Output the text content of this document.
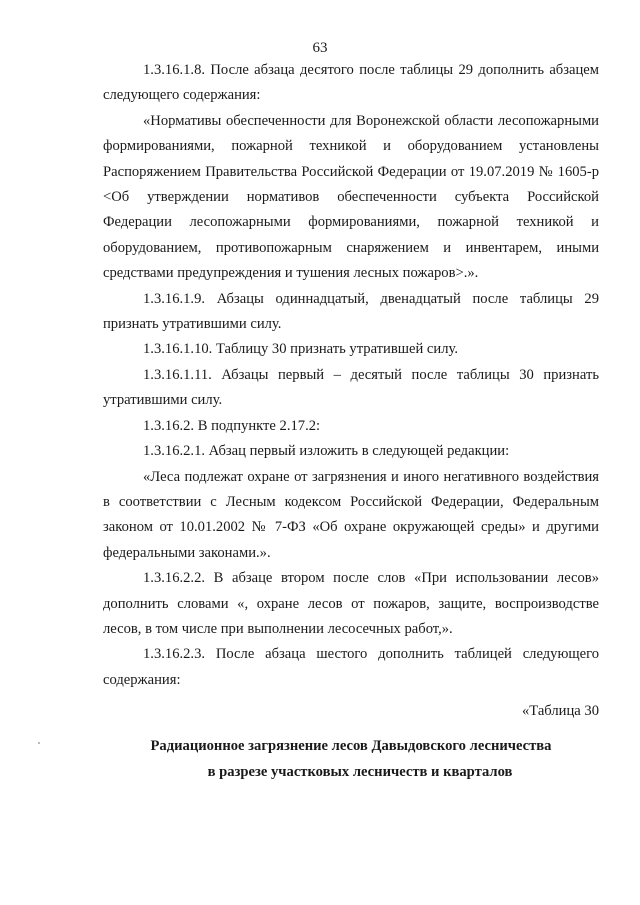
63

1.3.16.1.8. После абзаца десятого после таблицы 29 дополнить абзацем следующего содержания:

«Нормативы обеспеченности для Воронежской области лесопожарными формированиями, пожарной техникой и оборудованием установлены Распоряжением Правительства Российской Федерации от 19.07.2019 № 1605-р <Об утверждении нормативов обеспеченности субъекта Российской Федерации лесопожарными формированиями, пожарной техникой и оборудованием, противопожарным снаряжением и инвентарем, иными средствами предупреждения и тушения лесных пожаров>.».

1.3.16.1.9. Абзацы одиннадцатый, двенадцатый после таблицы 29 признать утратившими силу.

1.3.16.1.10. Таблицу 30 признать утратившей силу.

1.3.16.1.11. Абзацы первый – десятый после таблицы 30 признать утратившими силу.

1.3.16.2. В подпункте 2.17.2:

1.3.16.2.1. Абзац первый изложить в следующей редакции:

«Леса подлежат охране от загрязнения и иного негативного воздействия в соответствии с Лесным кодексом Российской Федерации, Федеральным законом от 10.01.2002 № 7-ФЗ «Об охране окружающей среды» и другими федеральными законами.».

1.3.16.2.2. В абзаце втором после слов «При использовании лесов» дополнить словами «, охране лесов от пожаров, защите, воспроизводстве лесов, в том числе при выполнении лесосечных работ,».

1.3.16.2.3. После абзаца шестого дополнить таблицей следующего содержания:

«Таблица 30

Радиационное загрязнение лесов Давыдовского лесничества
в разрезе участковых лесничеств и кварталов
